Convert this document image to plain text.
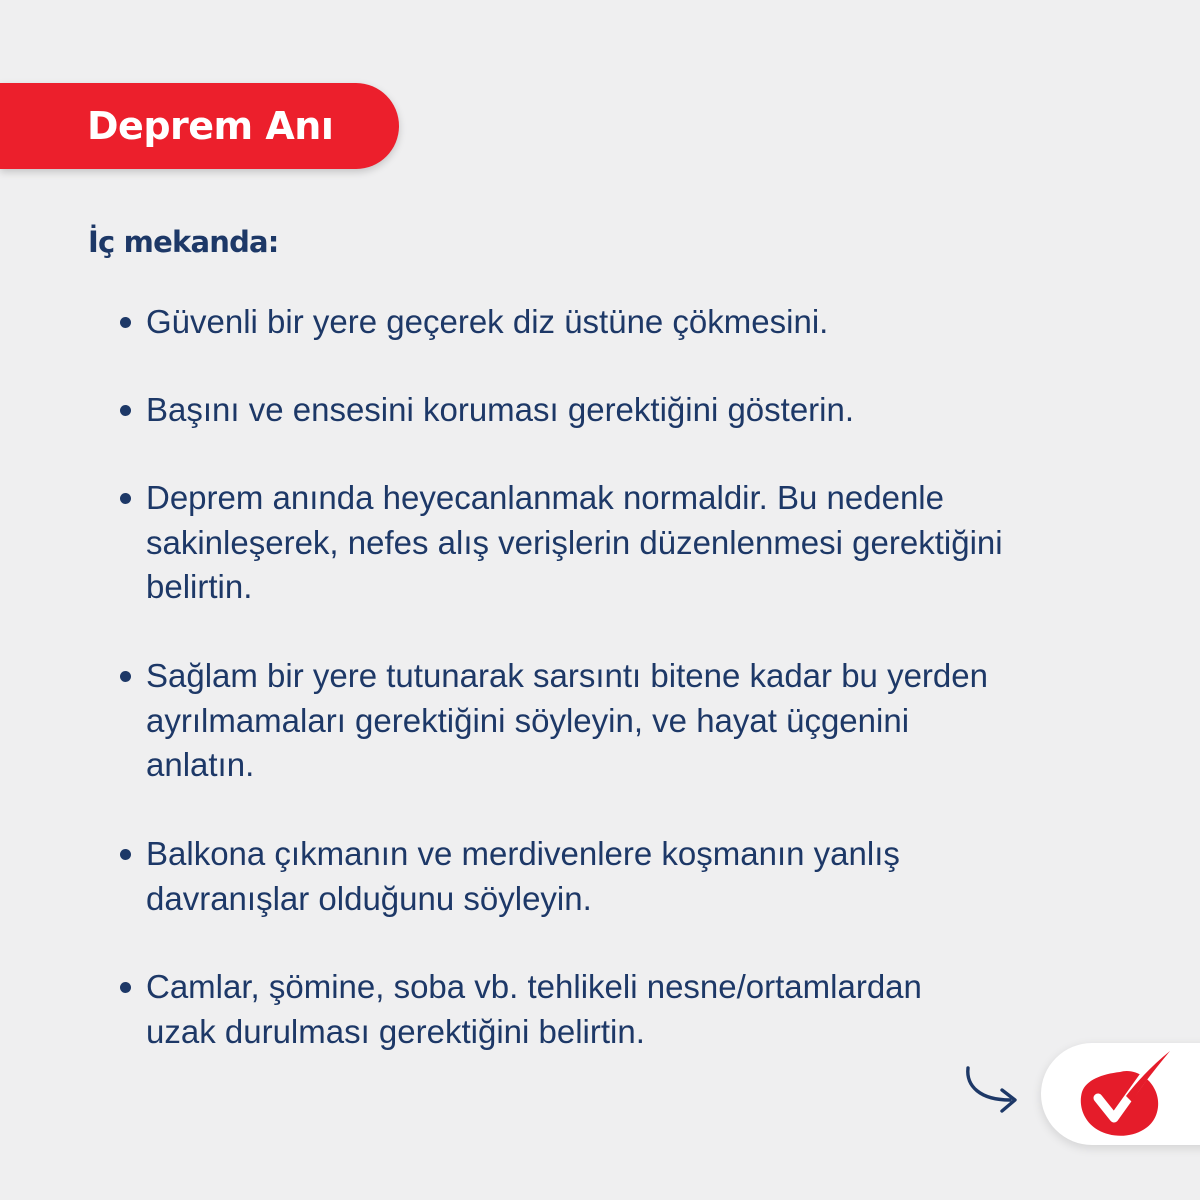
Deprem Anı
İç mekanda:
Güvenli bir yere geçerek diz üstüne çökmesini.
Başını ve ensesini koruması gerektiğini gösterin.
Deprem anında heyecanlanmak normaldir. Bu nedenle
sakinleşerek, nefes alış verişlerin düzenlenmesi gerektiğini
belirtin.
Sağlam bir yere tutunarak sarsıntı bitene kadar bu yerden
ayrılmamaları gerektiğini söyleyin, ve hayat üçgenini
anlatın.
Balkona çıkmanın ve merdivenlere koşmanın yanlış
davranışlar olduğunu söyleyin.
Camlar, şömine, soba vb. tehlikeli nesne/ortamlardan
uzak durulması gerektiğini belirtin.
